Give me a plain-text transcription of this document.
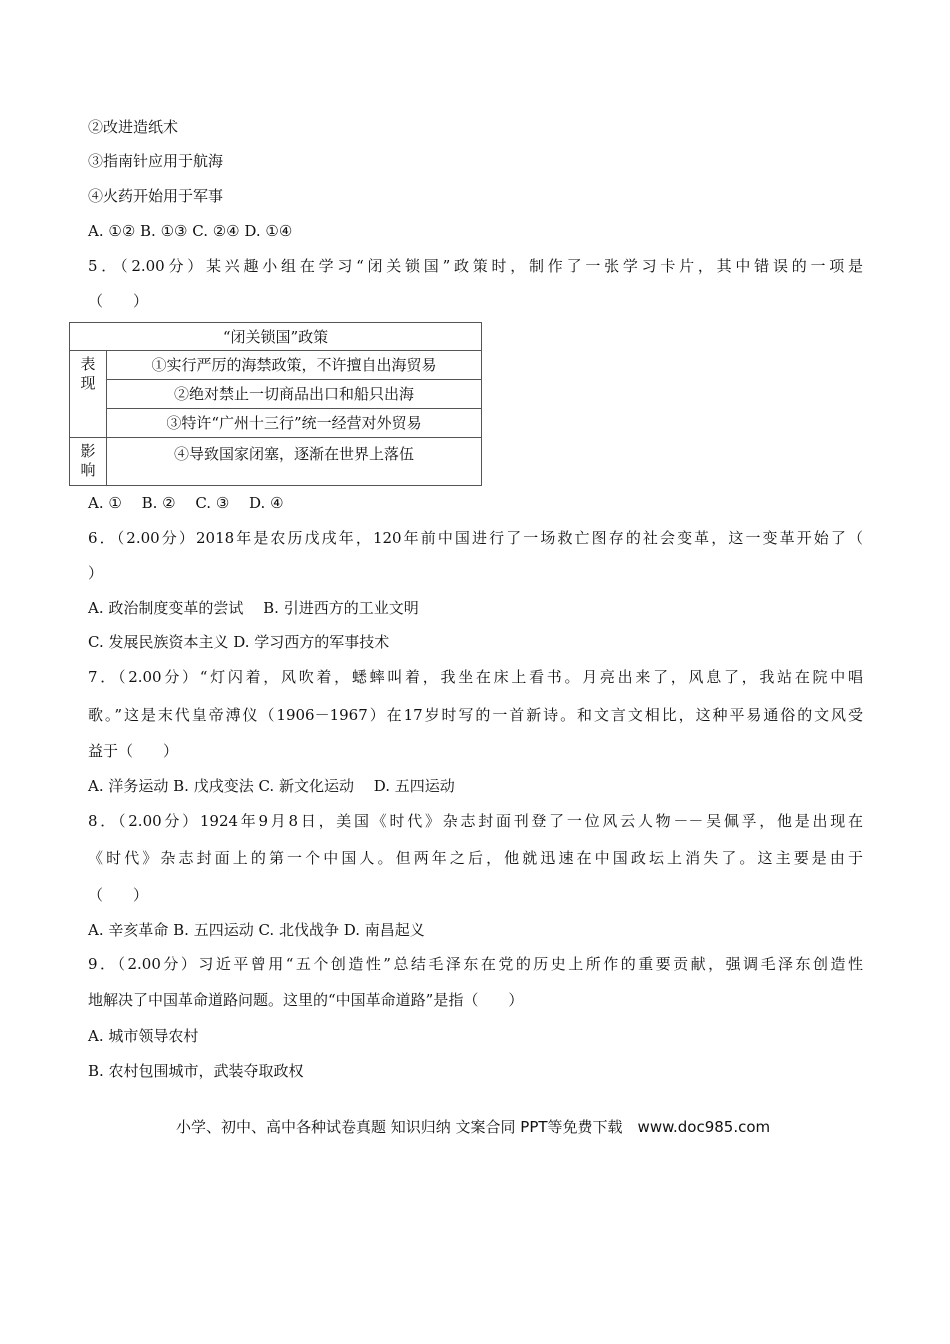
②改进造纸术
③指南针应用于航海
④火药开始用于军事
A. ①② B. ①③ C. ②④ D. ①④
5．（2.00分）某兴趣小组在学习“闭关锁国”政策时，制作了一张学习卡片，其中错误的一项是
（　　）
“闭关锁国”政策	

表
现	①实行严厉的海禁政策，不许擅自出海贸易
	②绝对禁止一切商品出口和船只出海
	③特许“广州十三行”统一经营对外贸易

影
响	④导致国家闭塞，逐渐在世界上落伍
A. ①　 B. ②　 C. ③　 D. ④
6．（2.00分）2018年是农历戊戌年，120年前中国进行了一场救亡图存的社会变革，这一变革开始了（
）
A. 政治制度变革的尝试　 B. 引进西方的工业文明
C. 发展民族资本主义 D. 学习西方的军事技术
7．（2.00分）“灯闪着，风吹着，蟋蟀叫着，我坐在床上看书。月亮出来了，风息了，我站在院中唱
歌。”这是末代皇帝溥仪（1906－1967）在17岁时写的一首新诗。和文言文相比，这种平易通俗的文风受
益于（　　）
A. 洋务运动 B. 戊戌变法 C. 新文化运动　 D. 五四运动
8．（2.00分）1924年9月8日，美国《时代》杂志封面刊登了一位风云人物－－吴佩孚，他是出现在
《时代》杂志封面上的第一个中国人。但两年之后，他就迅速在中国政坛上消失了。这主要是由于
（　　）
A. 辛亥革命 B. 五四运动 C. 北伐战争 D. 南昌起义
9．（2.00分）习近平曾用“五个创造性”总结毛泽东在党的历史上所作的重要贡献，强调毛泽东创造性
地解决了中国革命道路问题。这里的“中国革命道路”是指（　　）
A. 城市领导农村
B. 农村包围城市，武装夺取政权
小学、初中、高中各种试卷真题 知识归纳 文案合同 PPT等免费下载　www.doc985.com
